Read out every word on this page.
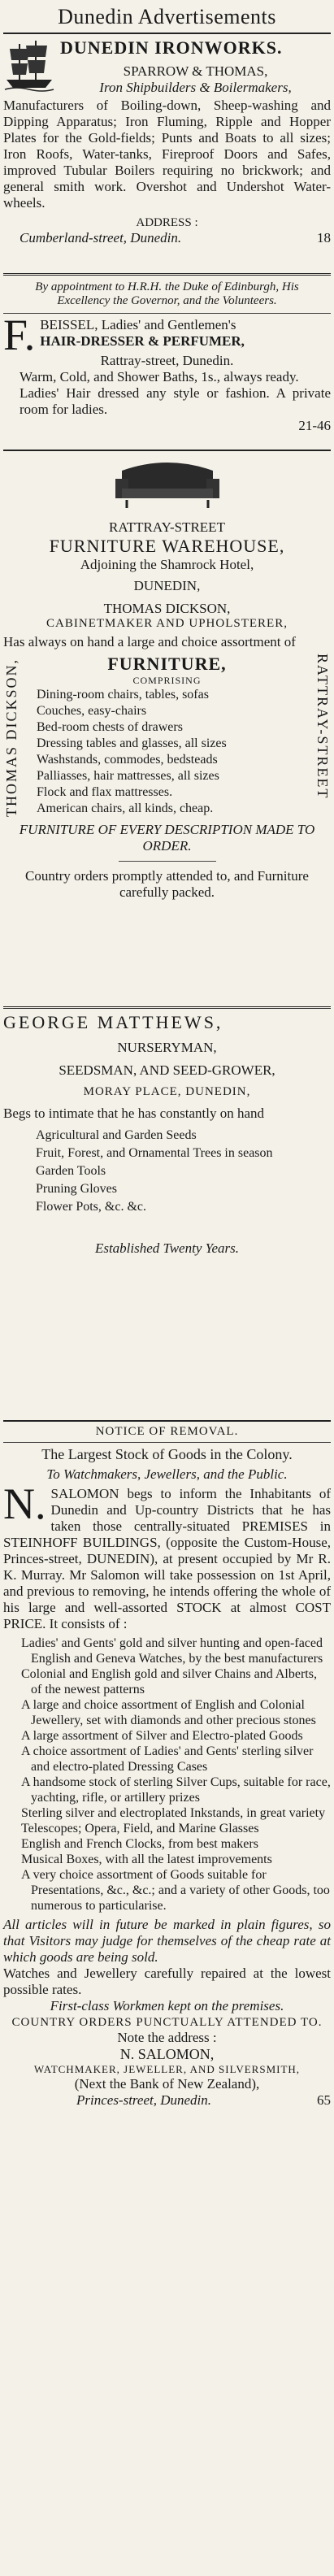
Dunedin Advertisements
DUNEDIN IRONWORKS.
SPARROW & THOMAS,
Iron Shipbuilders & Boilermakers,

Manufacturers of Boiling-down, Sheep-washing and Dipping Apparatus; Iron Fluming, Ripple and Hopper Plates for the Gold-fields; Punts and Boats to all sizes; Iron Roofs, Water-tanks, Fireproof Doors and Safes, improved Tubular Boilers requiring no brickwork; and general smith work. Overshot and Undershot Water-wheels.

ADDRESS :
Cumberland-street, Dunedin.	18

By appointment to H.R.H. the Duke of Edinburgh, His Excellency the Governor, and the Volunteers.

F. BEISSEL, Ladies' and Gentlemen's
HAIR-DRESSER & PERFUMER,
Rattray-street, Dunedin.

Warm, Cold, and Shower Baths, 1s., always ready.

Ladies' Hair dressed any style or fashion. A private room for ladies.

21-46
RATTRAY-STREET
FURNITURE WAREHOUSE,
Adjoining the Shamrock Hotel,
DUNEDIN,
THOMAS DICKSON,
CABINETMAKER AND UPHOLSTERER,

Has always on hand a large and choice assortment of

THOMAS DICKSON,	FURNITURE,
COMPRISING

Dining-room chairs, tables, sofas

Couches, easy-chairs

Bed-room chests of drawers

Dressing tables and glasses, all sizes

Washstands, commodes, bedsteads

Palliasses, hair mattresses, all sizes

Flock and flax mattresses.

American chairs, all kinds, cheap.

RATTRAY-STREET

FURNITURE OF EVERY DESCRIPTION MADE TO ORDER.

Country orders promptly attended to, and Furniture carefully packed.

GEORGE MATTHEWS,
NURSERYMAN,
SEEDSMAN, AND SEED-GROWER,
MORAY PLACE, DUNEDIN,

Begs to intimate that he has constantly on hand

Agricultural and Garden Seeds

Fruit, Forest, and Ornamental Trees in season

Garden Tools

Pruning Gloves

Flower Pots, &c. &c.

Established Twenty Years.
NOTICE OF REMOVAL.
The Largest Stock of Goods in the Colony.
To Watchmakers, Jewellers, and the Public.
N. SALOMON begs to inform the Inhabitants of Dunedin and Up-country Districts that he has taken those centrally-situated PREMISES in STEINHOFF BUILDINGS, (opposite the Custom-House, Princes-street, DUNEDIN), at present occupied by Mr R. K. Murray. Mr Salomon will take possession on 1st April, and previous to removing, he intends offering the whole of his large and well-assorted STOCK at almost COST PRICE. It consists of :

Ladies' and Gents' gold and silver hunting and open-faced English and Geneva Watches, by the best manufacturers

Colonial and English gold and silver Chains and Alberts, of the newest patterns

A large and choice assortment of English and Colonial Jewellery, set with diamonds and other precious stones

A large assortment of Silver and Electro-plated Goods

A choice assortment of Ladies' and Gents' sterling silver and electro-plated Dressing Cases

A handsome stock of sterling Silver Cups, suitable for race, yachting, rifle, or artillery prizes

Sterling silver and electroplated Inkstands, in great variety

Telescopes; Opera, Field, and Marine Glasses

English and French Clocks, from best makers

Musical Boxes, with all the latest improvements

A very choice assortment of Goods suitable for Presentations, &c., &c.; and a variety of other Goods, too numerous to particularise.

All articles will in future be marked in plain figures, so that Visitors may judge for themselves of the cheap rate at which goods are being sold.

Watches and Jewellery carefully repaired at the lowest possible rates.

First-class Workmen kept on the premises.

COUNTRY ORDERS PUNCTUALLY ATTENDED TO.

Note the address :

N. SALOMON,

WATCHMAKER, JEWELLER, AND SILVERSMITH,

(Next the Bank of New Zealand),

Princes-street, Dunedin.	65
